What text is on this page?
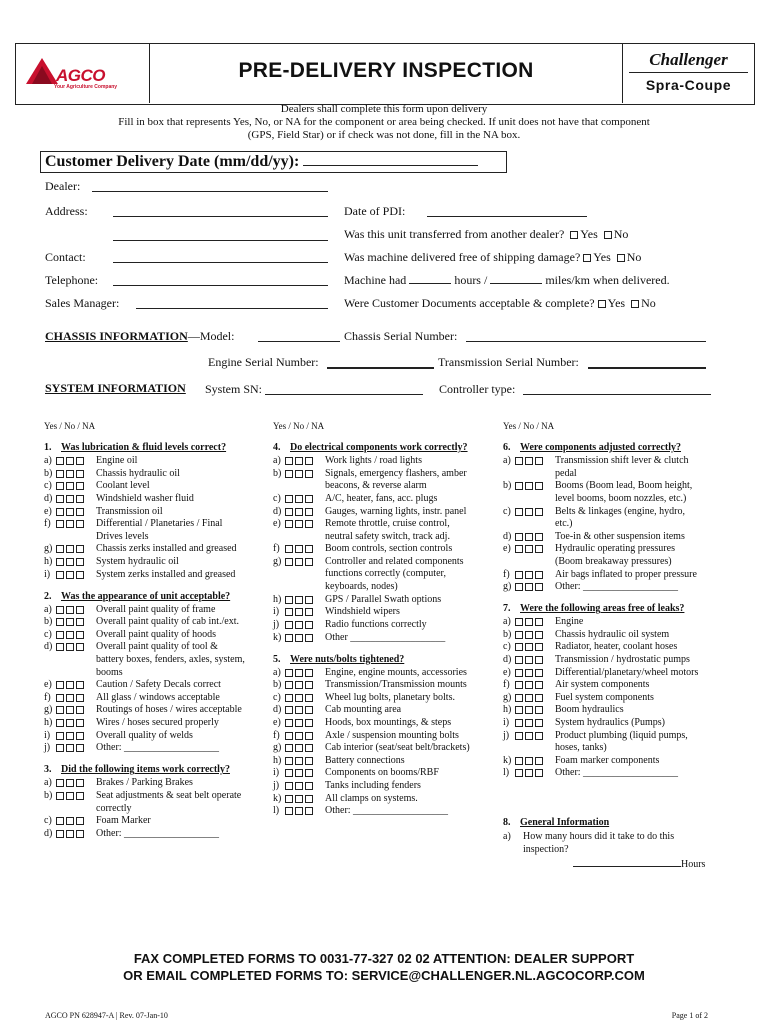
AGCO
Your Agriculture Company
PRE-DELIVERY INSPECTION	Challenger
Spra-Coupe
Dealers shall complete this form upon delivery
Fill in box that represents Yes, No, or NA for the component or area being checked. If unit does not have that component
(GPS, Field Star) or if check was not done, fill in the NA box.
Customer Delivery Date (mm/dd/yy):
Dealer:
Address:
Contact:
Telephone:
Sales Manager:
Date of PDI:
Was this unit transferred from another dealer? Yes No
Was machine delivered free of shipping damage? Yes No
Machine had	hours /	miles/km when delivered.
Were Customer Documents acceptable & complete? Yes No
CHASSIS INFORMATION—Model:	Chassis Serial Number:
Engine Serial Number:	Transmission Serial Number:
SYSTEM INFORMATION System SN:	Controller type:
Yes / No / NA
1. Was lubrication & fluid levels correct?
a)	Engine oil
b)	Chassis hydraulic oil
c)	Coolant level
d)	Windshield washer fluid
e)	Transmission oil
f)	Differential / Planetaries / Final
Drives levels
g)	Chassis zerks installed and greased
h)	System hydraulic oil
i)	System zerks installed and greased
2. Was the appearance of unit acceptable?
a)	Overall paint quality of frame
b)	Overall paint quality of cab int./ext.
c)	Overall paint quality of hoods
d)	Overall paint quality of tool &
battery boxes, fenders, axles, system,
booms
e)	Caution / Safety Decals correct
f)	All glass / windows acceptable
g)	Routings of hoses / wires acceptable
h)	Wires / hoses secured properly
i)	Overall quality of welds
j)	Other: ___________________
3. Did the following items work correctly?
a)	Brakes / Parking Brakes
b)	Seat adjustments & seat belt operate
correctly
c)	Foam Marker
d)	Other: ___________________
Yes / No / NA
4. Do electrical components work correctly?
a)	Work lights / road lights
b)	Signals, emergency flashers, amber
beacons, & reverse alarm
c)	A/C, heater, fans, acc. plugs
d)	Gauges, warning lights, instr. panel
e)	Remote throttle, cruise control,
neutral safety switch, track adj.
f)	Boom controls, section controls
g)	Controller and related components
functions correctly (computer,
keyboards, nodes)
h)	GPS / Parallel Swath options
i)	Windshield wipers
j)	Radio functions correctly
k)	Other ___________________
5. Were nuts/bolts tightened?
a)	Engine, engine mounts, accessories
b)	Transmission/Transmission mounts
c)	Wheel lug bolts, planetary bolts.
d)	Cab mounting area
e)	Hoods, box mountings, & steps
f)	Axle / suspension mounting bolts
g)	Cab interior (seat/seat belt/brackets)
h)	Battery connections
i)	Components on booms/RBF
j)	Tanks including fenders
k)	All clamps on systems.
l)	Other: ___________________
Yes / No / NA
6. Were components adjusted correctly?
a)	Transmission shift lever & clutch
pedal
b)	Booms (Boom lead, Boom height,
level booms, boom nozzles, etc.)
c)	Belts & linkages (engine, hydro,
etc.)
d)	Toe-in & other suspension items
e)	Hydraulic operating pressures
(Boom breakaway pressures)
f)	Air bags inflated to proper pressure
g)	Other: ___________________
7. Were the following areas free of leaks?
a)	Engine
b)	Chassis hydraulic oil system
c)	Radiator, heater, coolant hoses
d)	Transmission / hydrostatic pumps
e)	Differential/planetary/wheel motors
f)	Air system components
g)	Fuel system components
h)	Boom hydraulics
i)	System hydraulics (Pumps)
j)	Product plumbing (liquid pumps,
hoses, tanks)
k)	Foam marker components
l)	Other: ___________________
8. General Information
a) How many hours did it take to do this
inspection?
Hours
FAX COMPLETED FORMS TO 0031-77-327 02 02 ATTENTION: DEALER SUPPORT
OR EMAIL COMPLETED FORMS TO: SERVICE@CHALLENGER.NL.AGCOCORP.COM
AGCO PN 628947-A | Rev. 07-Jan-10	Page 1 of 2
